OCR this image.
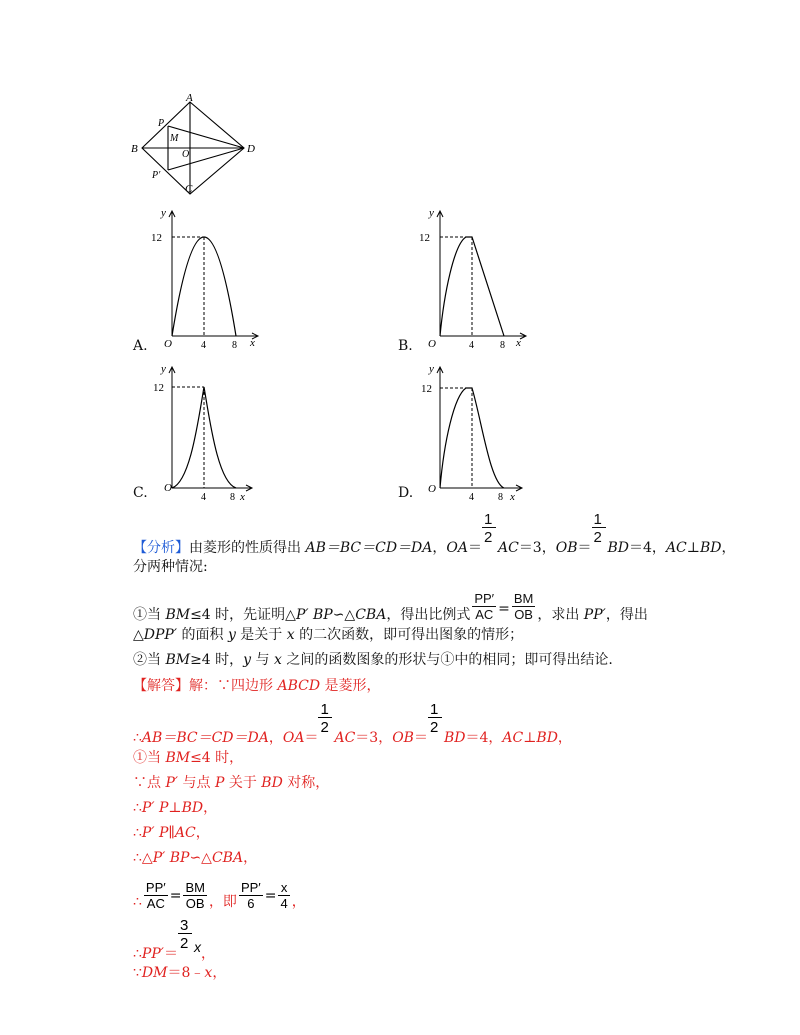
A
D
B
C
P
M
O
P′
y
12
O	4	8 x
A.
y
12
O	4	8 x
B.
y
12
O
4 8 x
C.
y
12
O
4 8 x
D.
【分析】由菱形的性质得出 AB＝BC＝CD＝DA，$OA= \frac{1}{2} AC=3$，$OB= \frac{1}{2} BD=4$，AC⊥BD，
分两种情况:
①当 BM≤4 时，先证明△P′ BP∽△CBA，得出比例式 $\frac{PP'}{AC} = \frac{BM}{OB}$ ，求出 PP′，得出
△DPP′ 的面积 y 是关于 x 的二次函数，即可得出图象的情形；
②当 BM≥4 时，y 与 x 之间的函数图象的形状与①中的相同；即可得出结论.
【解答】解：∵四边形 ABCD 是菱形，
∴AB＝BC＝CD＝DA，$OA= \frac{1}{2} AC=3$，$OB= \frac{1}{2} BD=4$，AC⊥BD，
①当 BM≤4 时，
∵点 P′ 与点 P 关于 BD 对称，
∴P′ P⊥BD，
∴P′ P∥AC，
∴△P′ BP∽△CBA，
∴ $\frac{PP'}{AC} = \frac{BM}{OB}$ ，即 $\frac{PP'}{6} = \frac{x}{4}$ ，
∴PP′＝ $\frac{3}{2}$ x，
∵DM＝8﹣x，
